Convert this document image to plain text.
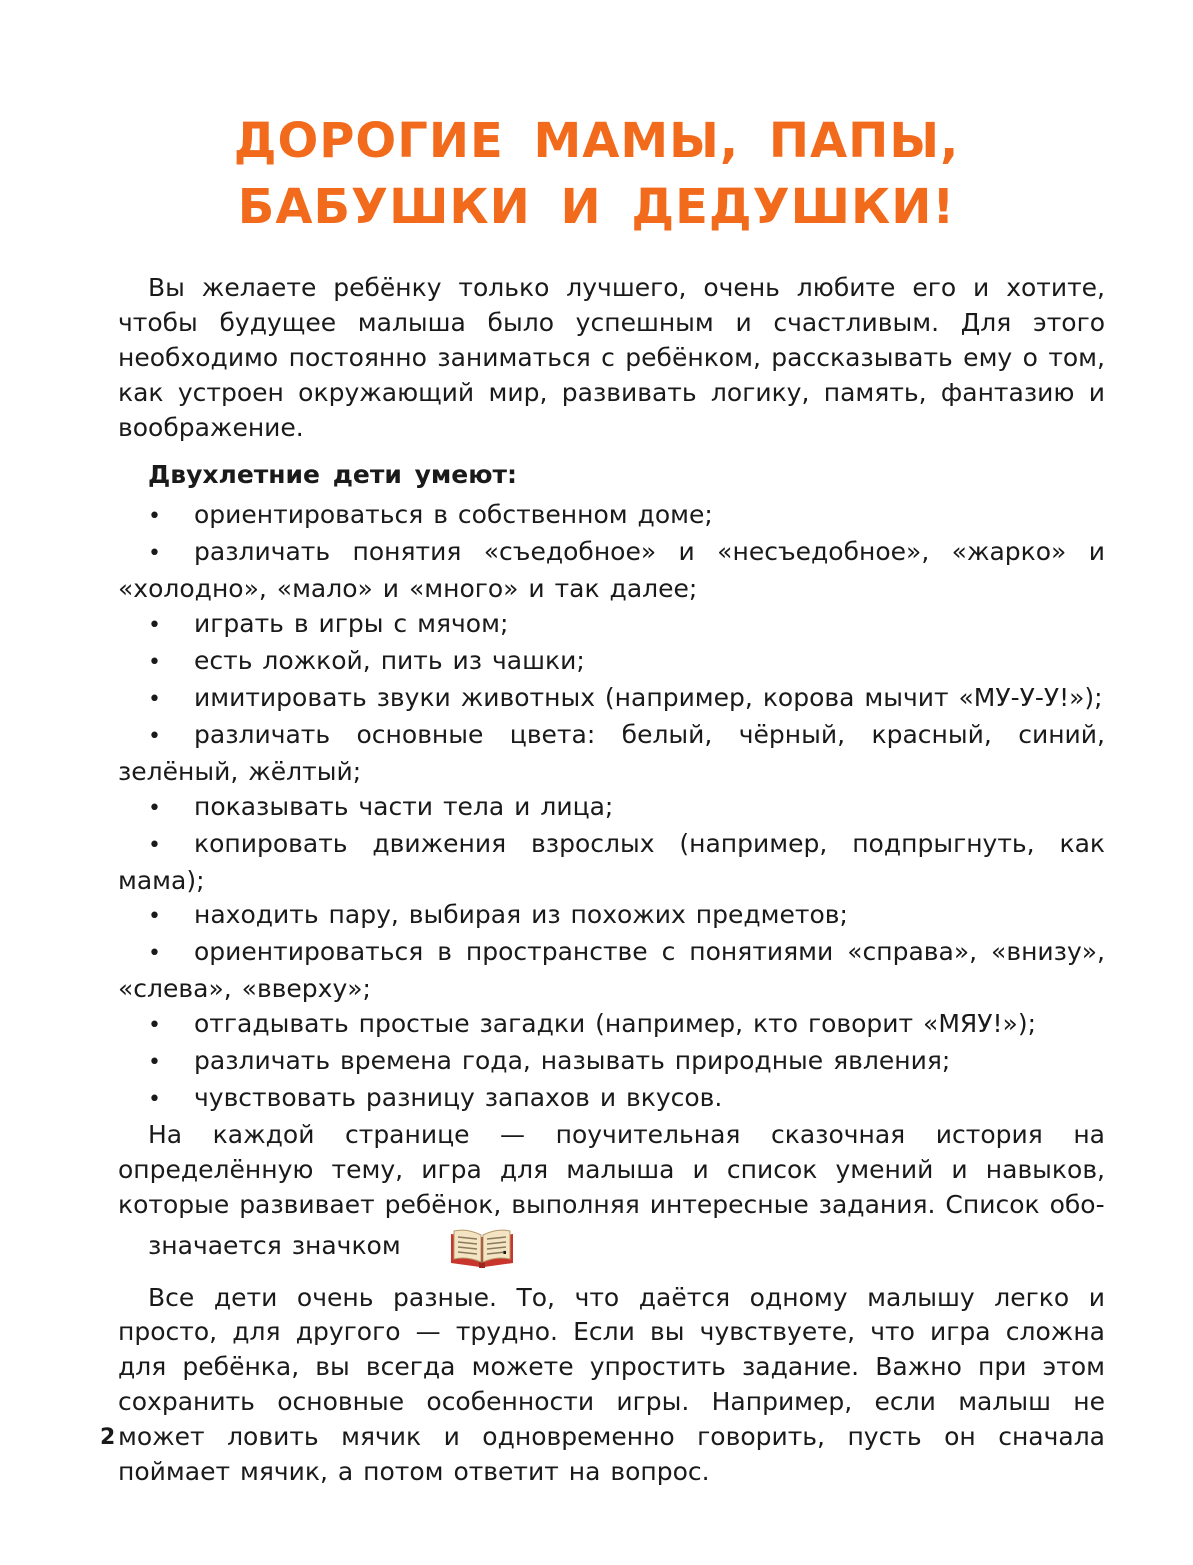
ДОРОГИЕ МАМЫ, ПАПЫ,
БАБУШКИ И ДЕДУШКИ!

Вы желаете ребёнку только лучшего, очень любите его и хотите, чтобы будущее малыша было успешным и счастливым. Для этого необходимо постоянно заниматься с ребёнком, рассказывать ему о том, как устроен окружающий мир, развивать логику, память, фантазию и воображение.

Двухлетние дети умеют:

• ориентироваться в собственном доме;
• различать понятия «съедобное» и «несъедобное», «жарко» и «холодно», «мало» и «много» и так далее;
• играть в игры с мячом;
• есть ложкой, пить из чашки;
• имитировать звуки животных (например, корова мычит «МУ-У-У!»);
• различать основные цвета: белый, чёрный, красный, синий, зелёный, жёлтый;
• показывать части тела и лица;
• копировать движения взрослых (например, подпрыгнуть, как мама);
• находить пару, выбирая из похожих предметов;
• ориентироваться в пространстве с понятиями «справа», «внизу», «слева», «вверху»;
• отгадывать простые загадки (например, кто говорит «МЯУ!»);
• различать времена года, называть природные явления;
• чувствовать разницу запахов и вкусов.

На каждой странице — поучительная сказочная история на определённую тему, игра для малыша и список умений и навыков, которые развивает ребёнок, выполняя интересные задания. Список обо-

значается значком	.

Все дети очень разные. То, что даётся одному малышу легко и просто, для другого — трудно. Если вы чувствуете, что игра сложна для ребёнка, вы всегда можете упростить задание. Важно при этом сохранить основные особенности игры. Например, если малыш не может ловить мячик и одновременно говорить, пусть он сначала поймает мячик, а потом ответит на вопрос.

2
